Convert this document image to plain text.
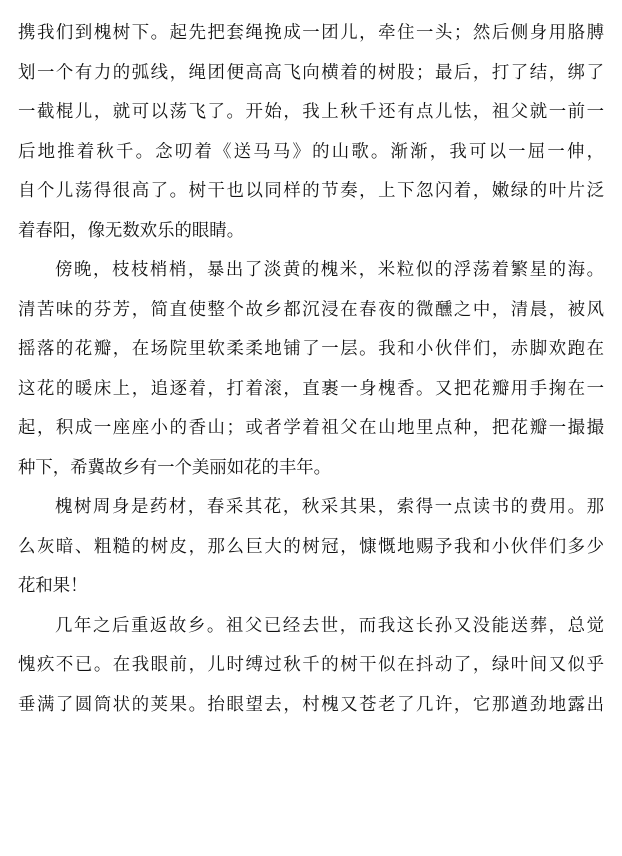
携我们到槐树下。起先把套绳挽成一团儿，牵住一头；然后侧身用胳膊
划一个有力的弧线，绳团便高高飞向横着的树股；最后，打了结，绑了
一截棍儿，就可以荡飞了。开始，我上秋千还有点儿怯，祖父就一前一
后地推着秋千。念叨着《送马马》的山歌。渐渐，我可以一屈一伸，
自个儿荡得很高了。树干也以同样的节奏，上下忽闪着，嫩绿的叶片泛
着春阳，像无数欢乐的眼睛。
傍晚，枝枝梢梢，暴出了淡黄的槐米，米粒似的浮荡着繁星的海。
清苦味的芬芳，简直使整个故乡都沉浸在春夜的微醺之中，清晨，被风
摇落的花瓣，在场院里软柔柔地铺了一层。我和小伙伴们，赤脚欢跑在
这花的暖床上，追逐着，打着滚，直裹一身槐香。又把花瓣用手掬在一
起，积成一座座小的香山；或者学着祖父在山地里点种，把花瓣一撮撮
种下，希冀故乡有一个美丽如花的丰年。
槐树周身是药材，春采其花，秋采其果，索得一点读书的费用。那
么灰暗、粗糙的树皮，那么巨大的树冠，慷慨地赐予我和小伙伴们多少
花和果！
几年之后重返故乡。祖父已经去世，而我这长孙又没能送葬，总觉
愧疚不已。在我眼前，儿时缚过秋千的树干似在抖动了，绿叶间又似乎
垂满了圆筒状的荚果。抬眼望去，村槐又苍老了几许，它那遒劲地露出
